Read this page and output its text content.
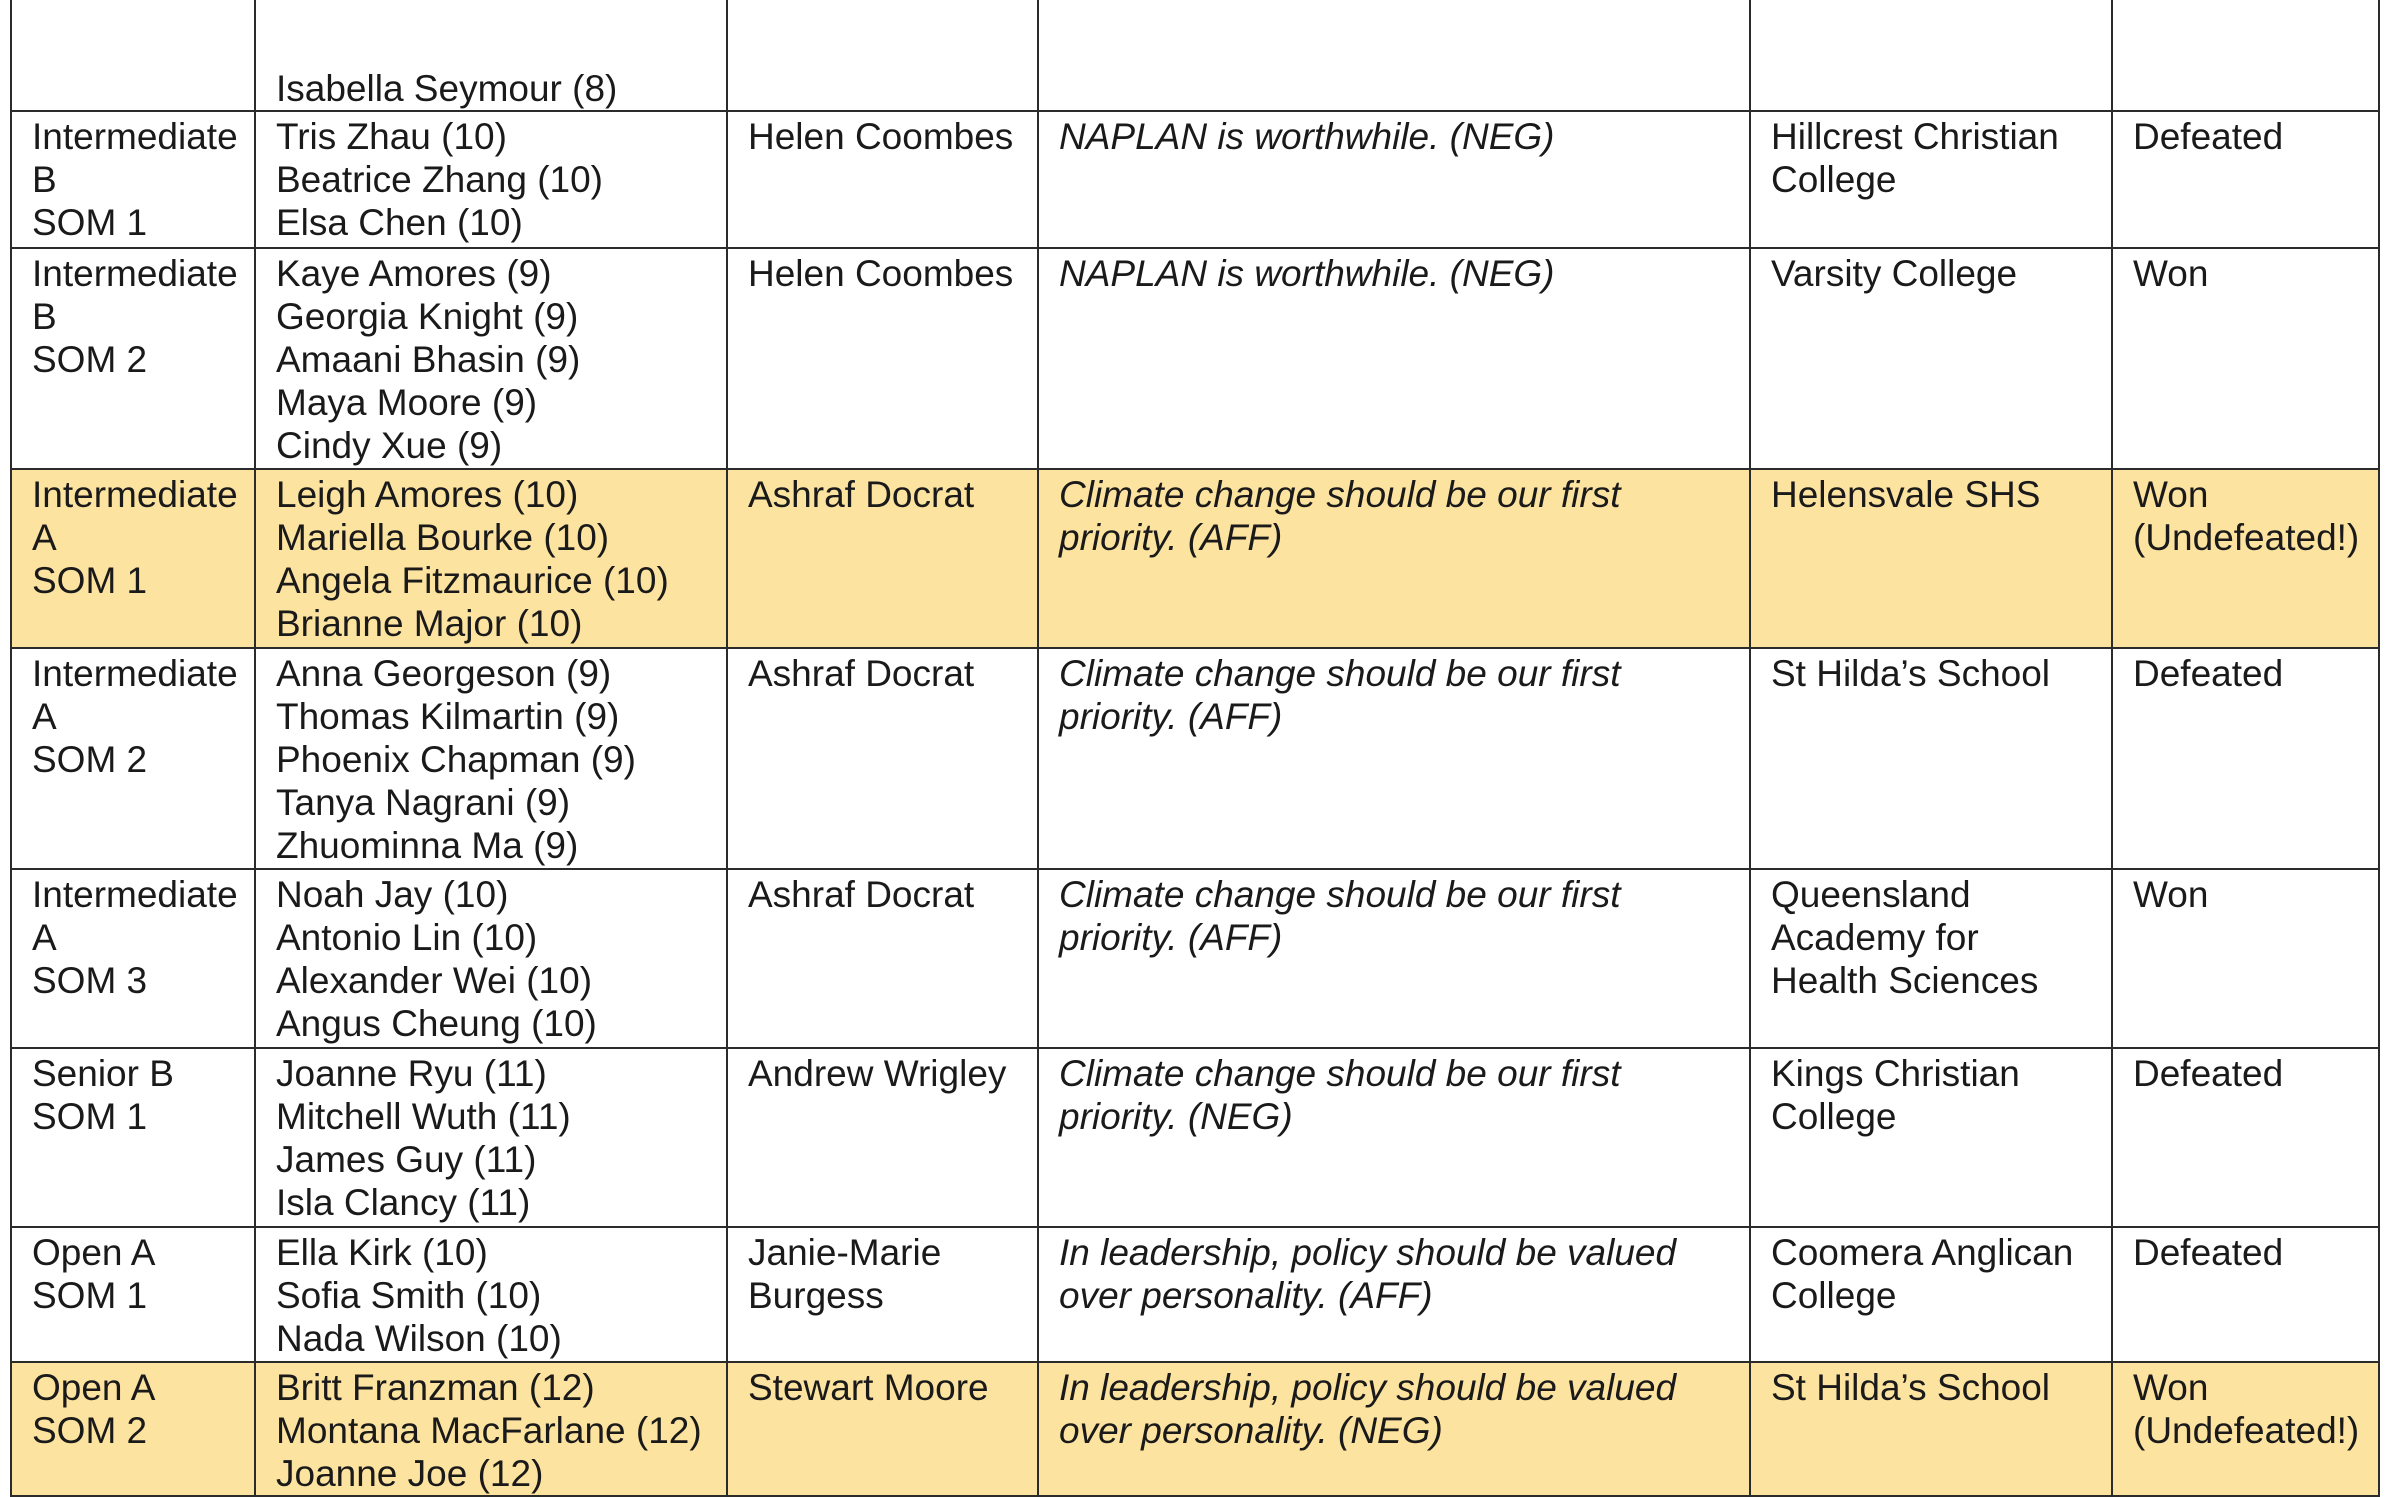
	Isabella Seymour (8)				

Intermediate
B
SOM 1	Tris Zhau (10)
Beatrice Zhang (10)
Elsa Chen (10)	Helen Coombes	NAPLAN is worthwhile. (NEG)	Hillcrest Christian
College	Defeated

Intermediate
B
SOM 2	Kaye Amores (9)
Georgia Knight (9)
Amaani Bhasin (9)
Maya Moore (9)
Cindy Xue (9)	Helen Coombes	NAPLAN is worthwhile. (NEG)	Varsity College	Won

Intermediate
A
SOM 1	Leigh Amores (10)
Mariella Bourke (10)
Angela Fitzmaurice (10)
Brianne Major (10)	Ashraf Docrat	Climate change should be our first
priority. (AFF)	Helensvale SHS	Won
(Undefeated!)

Intermediate
A
SOM 2	Anna Georgeson (9)
Thomas Kilmartin (9)
Phoenix Chapman (9)
Tanya Nagrani (9)
Zhuominna Ma (9)	Ashraf Docrat	Climate change should be our first
priority. (AFF)	St Hilda’s School	Defeated

Intermediate
A
SOM 3	Noah Jay (10)
Antonio Lin (10)
Alexander Wei (10)
Angus Cheung (10)	Ashraf Docrat	Climate change should be our first
priority. (AFF)	Queensland
Academy for
Health Sciences	Won

Senior B
SOM 1	Joanne Ryu (11)
Mitchell Wuth (11)
James Guy (11)
Isla Clancy (11)	Andrew Wrigley	Climate change should be our first
priority. (NEG)	Kings Christian
College	Defeated

Open A
SOM 1	Ella Kirk (10)
Sofia Smith (10)
Nada Wilson (10)	Janie-Marie
Burgess	In leadership, policy should be valued
over personality. (AFF)	Coomera Anglican
College	Defeated

Open A
SOM 2	Britt Franzman (12)
Montana MacFarlane (12)
Joanne Joe (12)	Stewart Moore	In leadership, policy should be valued
over personality. (NEG)	St Hilda’s School	Won
(Undefeated!)
